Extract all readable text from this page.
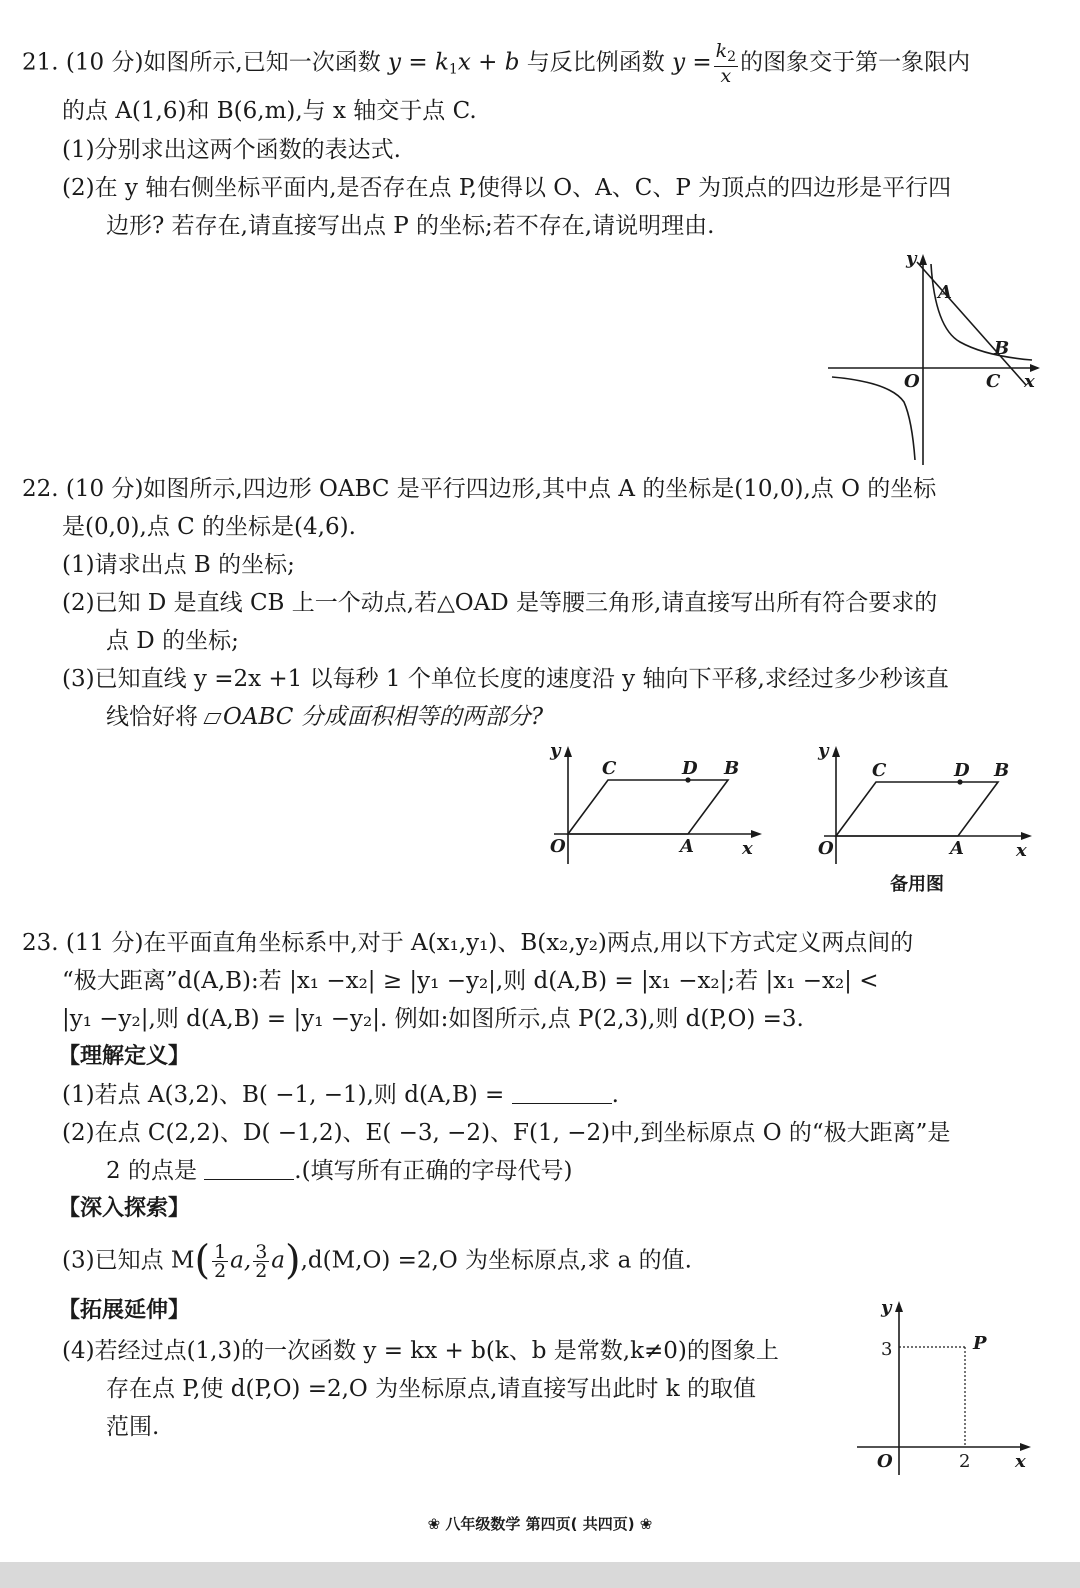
21. (10 分)如图所示,已知一次函数 $y = k_1x + b$ 与反比例函数 $y = \frac{k_2}{x}$ 的图象交于第一象限内
的点 A(1,6)和 B(6,m),与 x 轴交于点 C.
(1)分别求出这两个函数的表达式.
(2)在 y 轴右侧坐标平面内,是否存在点 P,使得以 O、A、C、P 为顶点的四边形是平行四
边形? 若存在,请直接写出点 P 的坐标;若不存在,请说明理由.
y
A
B
O	C x
22. (10 分)如图所示,四边形 OABC 是平行四边形,其中点 A 的坐标是(10,0),点 O 的坐标
是(0,0),点 C 的坐标是(4,6).
(1)请求出点 B 的坐标;
(2)已知 D 是直线 CB 上一个动点,若△OAD 是等腰三角形,请直接写出所有符合要求的
点 D 的坐标;
(3)已知直线 y =2x +1 以每秒 1 个单位长度的速度沿 y 轴向下平移,求经过多少秒该直
线恰好将 OABC 分成面积相等的两部分?
y
C	D B
O	A	x
y
C	D B
O	A	x
备用图
23. (11 分)在平面直角坐标系中,对于 A(x₁,y₁)、B(x₂,y₂)两点,用以下方式定义两点间的
“极大距离”d(A,B):若 |x₁ −x₂| ≥ |y₁ −y₂|,则 d(A,B) = |x₁ −x₂|;若 |x₁ −x₂| <
|y₁ −y₂|,则 d(A,B) = |y₁ −y₂|. 例如:如图所示,点 P(2,3),则 d(P,O) =3.
【理解定义】
(1)若点 A(3,2)、B( −1, −1),则 d(A,B) =	.
(2)在点 C(2,2)、D( −1,2)、E( −3, −2)、F(1, −2)中,到坐标原点 O 的“极大距离”是
2 的点是	.(填写所有正确的字母代号)
【深入探索】
(3)已知点 $M( \frac{1}{2} a$, $\frac{3}{2} a),d(M,O) =2,O$ 为坐标原点,求 a 的值.
【拓展延伸】
(4)若经过点(1,3)的一次函数 y = kx + b(k、b 是常数,k≠0)的图象上
存在点 P,使 d(P,O) =2,O 为坐标原点,请直接写出此时 k 的取值
范围.
y
P
3
O	2 x
❀ 八年级数学 第四页( 共四页) ❀
